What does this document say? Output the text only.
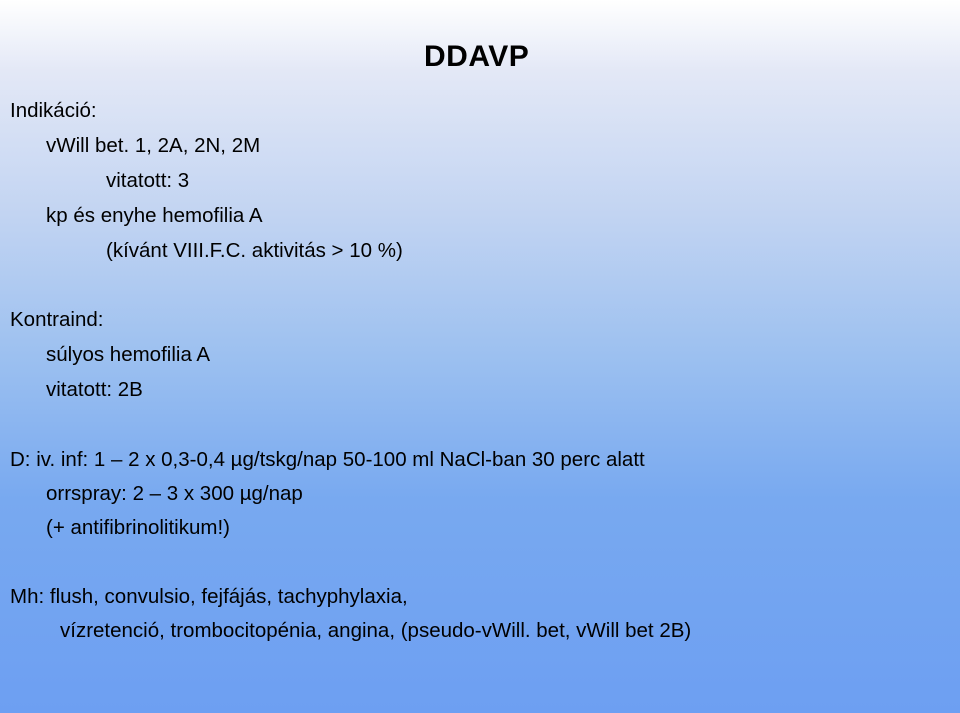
DDAVP
Indikáció:
vWill bet. 1, 2A, 2N, 2M
vitatott: 3
kp és enyhe hemofilia A
(kívánt VIII.F.C. aktivitás > 10 %)
Kontraind:
súlyos hemofilia A
vitatott: 2B
D: iv. inf: 1 – 2 x 0,3-0,4 µg/tskg/nap 50-100 ml NaCl-ban 30 perc alatt
orrspray: 2 – 3 x 300 µg/nap
(+ antifibrinolitikum!)
Mh: flush, convulsio, fejfájás, tachyphylaxia,
vízretenció, trombocitopénia, angina, (pseudo-vWill. bet, vWill bet 2B)
